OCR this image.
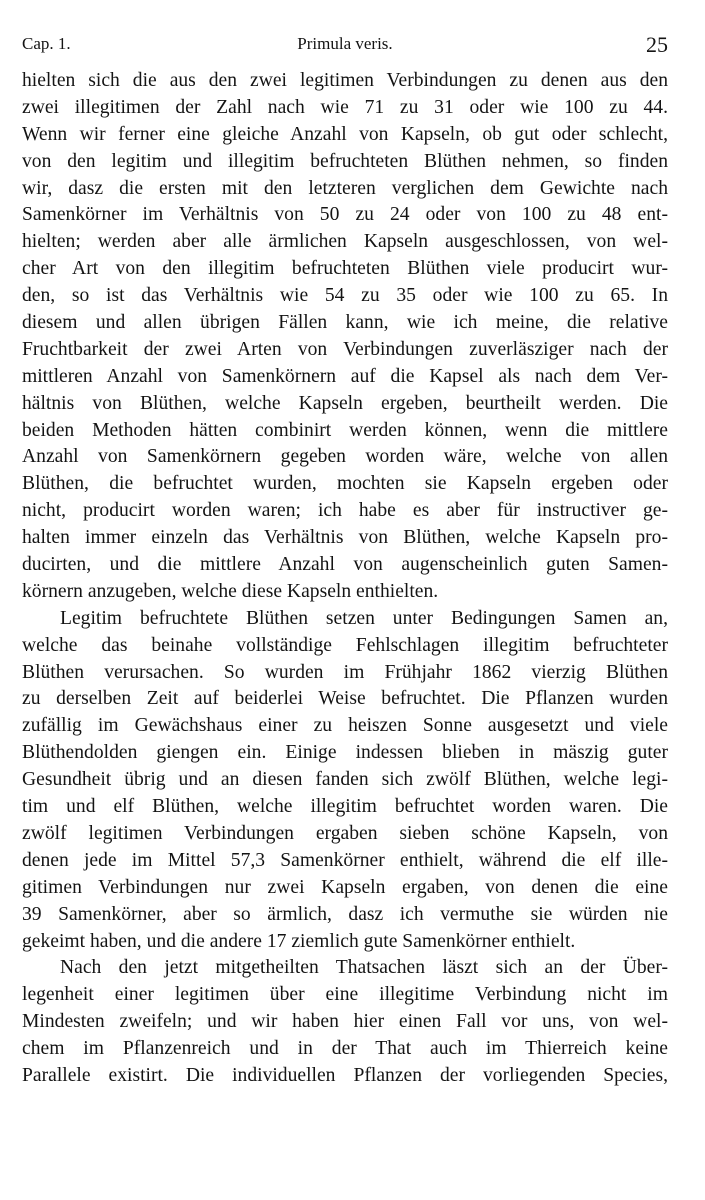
Cap. 1.	Primula veris.	25
hielten sich die aus den zwei legitimen Verbindungen zu denen aus den
zwei illegitimen der Zahl nach wie 71 zu 31 oder wie 100 zu 44.
Wenn wir ferner eine gleiche Anzahl von Kapseln, ob gut oder schlecht,
von den legitim und illegitim befruchteten Blüthen nehmen, so finden
wir, dasz die ersten mit den letzteren verglichen dem Gewichte nach
Samenkörner im Verhältnis von 50 zu 24 oder von 100 zu 48 ent-
hielten; werden aber alle ärmlichen Kapseln ausgeschlossen, von wel-
cher Art von den illegitim befruchteten Blüthen viele producirt wur-
den, so ist das Verhältnis wie 54 zu 35 oder wie 100 zu 65. In
diesem und allen übrigen Fällen kann, wie ich meine, die relative
Fruchtbarkeit der zwei Arten von Verbindungen zuverläsziger nach der
mittleren Anzahl von Samenkörnern auf die Kapsel als nach dem Ver-
hältnis von Blüthen, welche Kapseln ergeben, beurtheilt werden. Die
beiden Methoden hätten combinirt werden können, wenn die mittlere
Anzahl von Samenkörnern gegeben worden wäre, welche von allen
Blüthen, die befruchtet wurden, mochten sie Kapseln ergeben oder
nicht, producirt worden waren; ich habe es aber für instructiver ge-
halten immer einzeln das Verhältnis von Blüthen, welche Kapseln pro-
ducirten, und die mittlere Anzahl von augenscheinlich guten Samen-
körnern anzugeben, welche diese Kapseln enthielten.
Legitim befruchtete Blüthen setzen unter Bedingungen Samen an,
welche das beinahe vollständige Fehlschlagen illegitim befruchteter
Blüthen verursachen. So wurden im Frühjahr 1862 vierzig Blüthen
zu derselben Zeit auf beiderlei Weise befruchtet. Die Pflanzen wurden
zufällig im Gewächshaus einer zu heiszen Sonne ausgesetzt und viele
Blüthendolden giengen ein. Einige indessen blieben in mäszig guter
Gesundheit übrig und an diesen fanden sich zwölf Blüthen, welche legi-
tim und elf Blüthen, welche illegitim befruchtet worden waren. Die
zwölf legitimen Verbindungen ergaben sieben schöne Kapseln, von
denen jede im Mittel 57,3 Samenkörner enthielt, während die elf ille-
gitimen Verbindungen nur zwei Kapseln ergaben, von denen die eine
39 Samenkörner, aber so ärmlich, dasz ich vermuthe sie würden nie
gekeimt haben, und die andere 17 ziemlich gute Samenkörner enthielt.
Nach den jetzt mitgetheilten Thatsachen läszt sich an der Über-
legenheit einer legitimen über eine illegitime Verbindung nicht im
Mindesten zweifeln; und wir haben hier einen Fall vor uns, von wel-
chem im Pflanzenreich und in der That auch im Thierreich keine
Parallele existirt. Die individuellen Pflanzen der vorliegenden Species,
